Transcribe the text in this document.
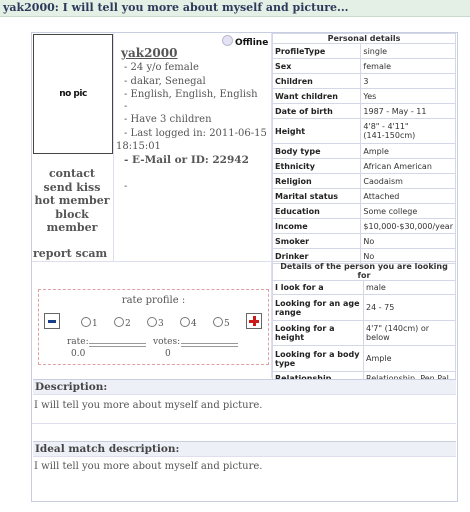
yak2000: I will tell you more about myself and picture...
no pic
contact
send kiss
hot member
block
member
report scam
Offline
yak2000
- 24 y/o female
- dakar, Senegal
- English, English, English
-
- Have 3 children
- Last logged in: 2011-06-15
18:15:01
- E-Mail or ID: 22942
-
Personal details	
ProfileType	single
Sex	female
Children	3
Want children	Yes
Date of birth	1987 - May - 11
Height	4'8" - 4'11"
(141-150cm)

Body type	Ample
Ethnicity	African American
Religion	Caodaism
Marital status	Attached
Education	Some college
Income	$10,000-$30,000/year
Smoker	No
Drinker	No
Details of the person you are looking for	
I look for a	male

Looking for an age
range	24 - 75

Looking for a
height	4'7" (140cm) or below

Looking for a body
type	Ample

rate profile :
1	2	3	4	5
rate:
0.0
votes:
0
Description:
I will tell you more about myself and picture.
Ideal match description:
I will tell you more about myself and picture.
